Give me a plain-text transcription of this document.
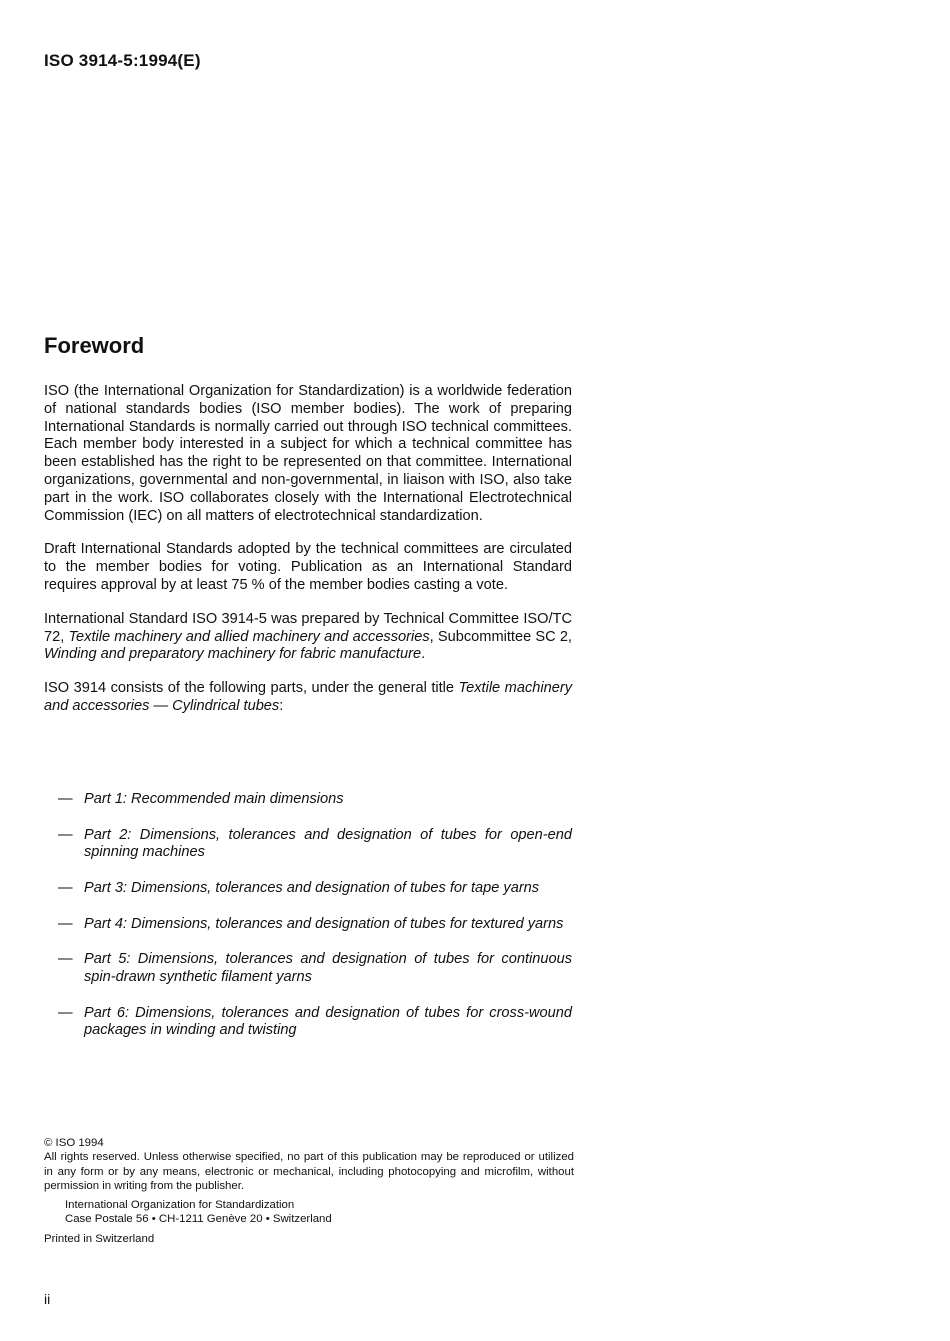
ISO 3914-5:1994(E)
Foreword

ISO (the International Organization for Standardization) is a worldwide federation of national standards bodies (ISO member bodies). The work of preparing International Standards is normally carried out through ISO technical committees. Each member body interested in a subject for which a technical committee has been established has the right to be represented on that committee. International organizations, governmental and non-governmental, in liaison with ISO, also take part in the work. ISO collaborates closely with the International Electrotechnical Commission (IEC) on all matters of electrotechnical standardization.

Draft International Standards adopted by the technical committees are circulated to the member bodies for voting. Publication as an International Standard requires approval by at least 75 % of the member bodies casting a vote.

International Standard ISO 3914-5 was prepared by Technical Committee ISO/TC 72, Textile machinery and allied machinery and accessories, Subcommittee SC 2, Winding and preparatory machinery for fabric manufacture.

ISO 3914 consists of the following parts, under the general title Textile machinery and accessories — Cylindrical tubes:

— Part 1: Recommended main dimensions
— Part 2: Dimensions, tolerances and designation of tubes for open-end spinning machines
— Part 3: Dimensions, tolerances and designation of tubes for tape yarns
— Part 4: Dimensions, tolerances and designation of tubes for textured yarns
— Part 5: Dimensions, tolerances and designation of tubes for continuous spin-drawn synthetic filament yarns
— Part 6: Dimensions, tolerances and designation of tubes for cross-wound packages in winding and twisting
© ISO 1994
All rights reserved. Unless otherwise specified, no part of this publication may be reproduced or utilized in any form or by any means, electronic or mechanical, including photocopying and microfilm, without permission in writing from the publisher.
International Organization for Standardization
Case Postale 56 • CH-1211 Genève 20 • Switzerland
Printed in Switzerland
ii
